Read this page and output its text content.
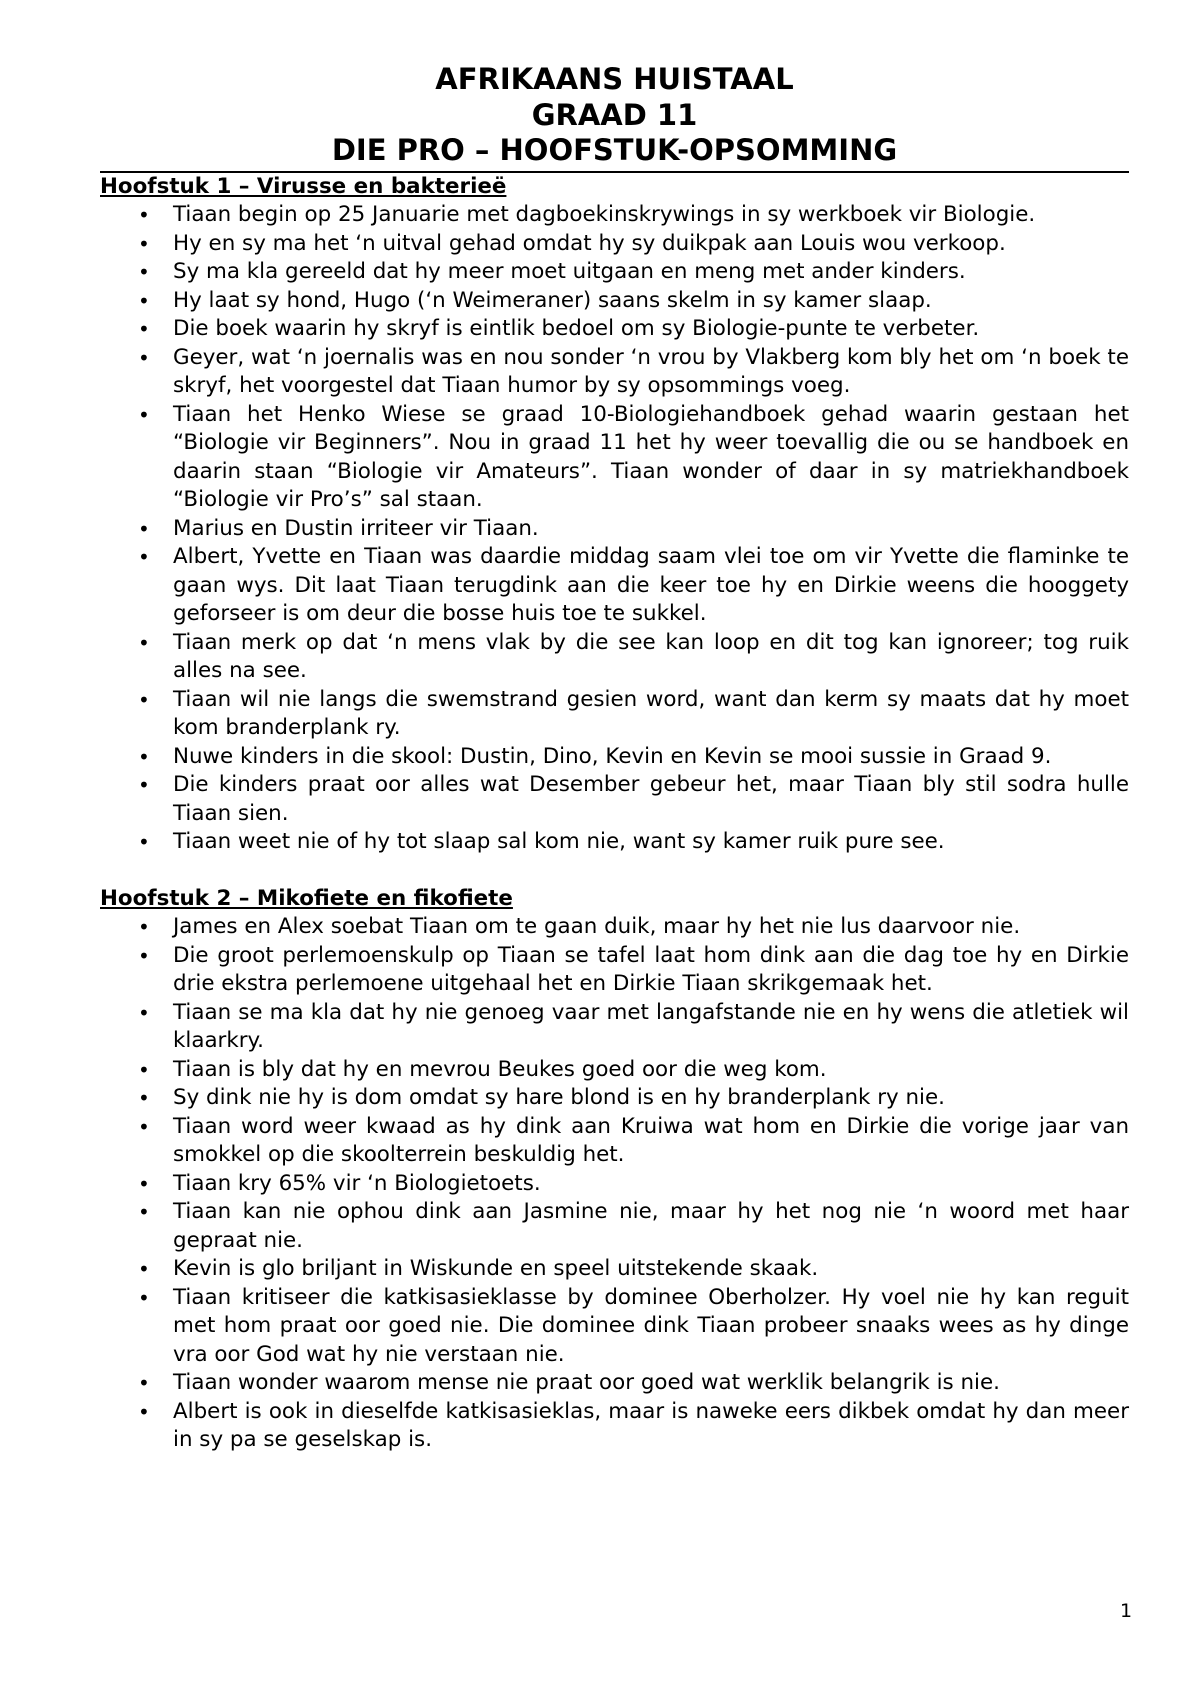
AFRIKAANS HUISTAAL
GRAAD 11
DIE PRO – HOOFSTUK-OPSOMMING
Hoofstuk 1 – Virusse en bakterieë
• Tiaan begin op 25 Januarie met dagboekinskrywings in sy werkboek vir Biologie.
• Hy en sy ma het ‘n uitval gehad omdat hy sy duikpak aan Louis wou verkoop.
• Sy ma kla gereeld dat hy meer moet uitgaan en meng met ander kinders.
• Hy laat sy hond, Hugo (‘n Weimeraner) saans skelm in sy kamer slaap.
• Die boek waarin hy skryf is eintlik bedoel om sy Biologie-punte te verbeter.
• Geyer, wat ‘n joernalis was en nou sonder ‘n vrou by Vlakberg kom bly het om ‘n boek te skryf, het voorgestel dat Tiaan humor by sy opsommings voeg.
• Tiaan het Henko Wiese se graad 10-Biologiehandboek gehad waarin gestaan het “Biologie vir Beginners”. Nou in graad 11 het hy weer toevallig die ou se handboek en daarin staan “Biologie vir Amateurs”. Tiaan wonder of daar in sy matriekhandboek “Biologie vir Pro’s” sal staan.
• Marius en Dustin irriteer vir Tiaan.
• Albert, Yvette en Tiaan was daardie middag saam vlei toe om vir Yvette die flaminke te gaan wys. Dit laat Tiaan terugdink aan die keer toe hy en Dirkie weens die hooggety geforseer is om deur die bosse huis toe te sukkel.
• Tiaan merk op dat ‘n mens vlak by die see kan loop en dit tog kan ignoreer; tog ruik alles na see.
• Tiaan wil nie langs die swemstrand gesien word, want dan kerm sy maats dat hy moet kom branderplank ry.
• Nuwe kinders in die skool: Dustin, Dino, Kevin en Kevin se mooi sussie in Graad 9.
• Die kinders praat oor alles wat Desember gebeur het, maar Tiaan bly stil sodra hulle Tiaan sien.
• Tiaan weet nie of hy tot slaap sal kom nie, want sy kamer ruik pure see.
Hoofstuk 2 – Mikofiete en fikofiete
• James en Alex soebat Tiaan om te gaan duik, maar hy het nie lus daarvoor nie.
• Die groot perlemoenskulp op Tiaan se tafel laat hom dink aan die dag toe hy en Dirkie drie ekstra perlemoene uitgehaal het en Dirkie Tiaan skrikgemaak het.
• Tiaan se ma kla dat hy nie genoeg vaar met langafstande nie en hy wens die atletiek wil klaarkry.
• Tiaan is bly dat hy en mevrou Beukes goed oor die weg kom.
• Sy dink nie hy is dom omdat sy hare blond is en hy branderplank ry nie.
• Tiaan word weer kwaad as hy dink aan Kruiwa wat hom en Dirkie die vorige jaar van smokkel op die skoolterrein beskuldig het.
• Tiaan kry 65% vir ‘n Biologietoets.
• Tiaan kan nie ophou dink aan Jasmine nie, maar hy het nog nie ‘n woord met haar gepraat nie.
• Kevin is glo briljant in Wiskunde en speel uitstekende skaak.
• Tiaan kritiseer die katkisasieklasse by dominee Oberholzer. Hy voel nie hy kan reguit met hom praat oor goed nie. Die dominee dink Tiaan probeer snaaks wees as hy dinge vra oor God wat hy nie verstaan nie.
• Tiaan wonder waarom mense nie praat oor goed wat werklik belangrik is nie.
• Albert is ook in dieselfde katkisasieklas, maar is naweke eers dikbek omdat hy dan meer in sy pa se geselskap is.
1
